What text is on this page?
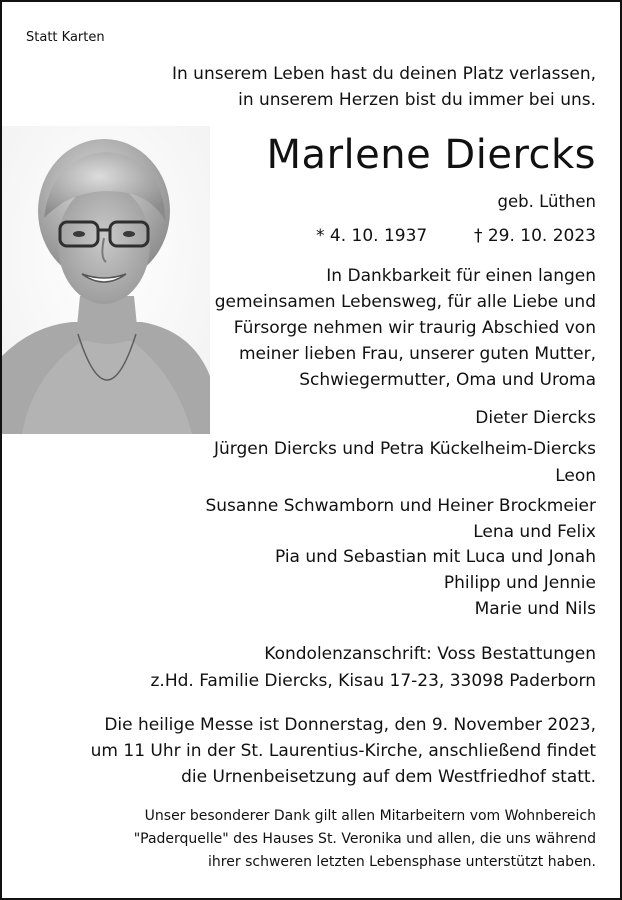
Statt Karten
In unserem Leben hast du deinen Platz verlassen,
in unserem Herzen bist du immer bei uns.
Marlene Diercks
geb. Lüthen
* 4. 10. 1937	† 29. 10. 2023
In Dankbarkeit für einen langen
gemeinsamen Lebensweg, für alle Liebe und
Fürsorge nehmen wir traurig Abschied von
meiner lieben Frau, unserer guten Mutter,
Schwiegermutter, Oma und Uroma
Dieter Diercks
Jürgen Diercks und Petra Kückelheim-Diercks
Leon
Susanne Schwamborn und Heiner Brockmeier
Lena und Felix
Pia und Sebastian mit Luca und Jonah
Philipp und Jennie
Marie und Nils
Kondolenzanschrift: Voss Bestattungen
z.Hd. Familie Diercks, Kisau 17-23, 33098 Paderborn
Die heilige Messe ist Donnerstag, den 9. November 2023,
um 11 Uhr in der St. Laurentius-Kirche, anschließend findet
die Urnenbeisetzung auf dem Westfriedhof statt.
Unser besonderer Dank gilt allen Mitarbeitern vom Wohnbereich
"Paderquelle" des Hauses St. Veronika und allen, die uns während
ihrer schweren letzten Lebensphase unterstützt haben.
